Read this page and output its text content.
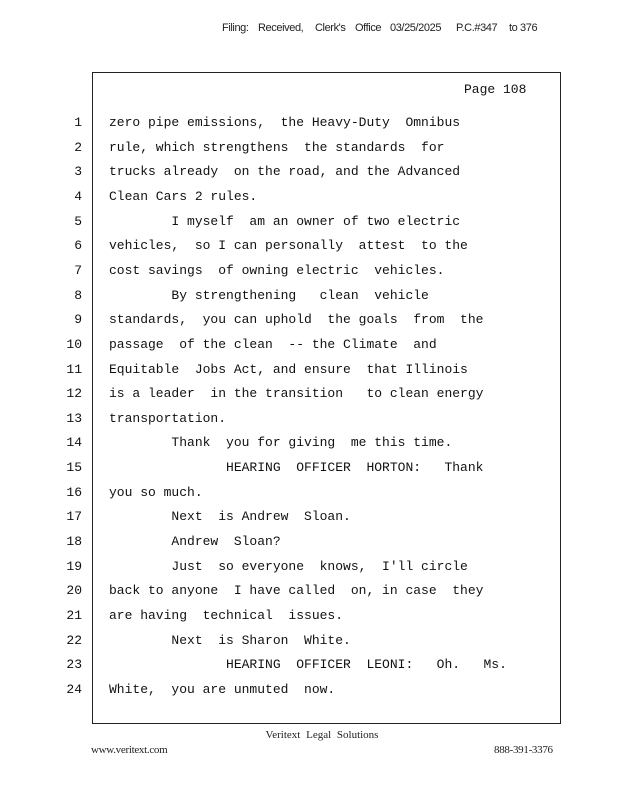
Filing: Received, Clerk's Office 03/25/2025 P.C.#347 to 376
Page 108
1 zero pipe emissions,  the Heavy-Duty  Omnibus
2 rule, which strengthens  the standards  for
3 trucks already  on the road, and the Advanced
4 Clean Cars 2 rules.
5 I myself  am an owner of two electric
6 vehicles,  so I can personally  attest  to the
7 cost savings  of owning electric  vehicles.
8 By strengthening   clean  vehicle
9 standards,  you can uphold  the goals  from  the
10 passage  of the clean  -- the Climate  and
11 Equitable  Jobs Act, and ensure  that Illinois
12 is a leader  in the transition   to clean energy
13 transportation.
14 Thank  you for giving  me this time.
15 HEARING  OFFICER  HORTON:   Thank
16 you so much.
17 Next  is Andrew  Sloan.
18 Andrew  Sloan?
19 Just  so everyone  knows,  I'll circle
20 back to anyone  I have called  on, in case  they
21 are having  technical  issues.
22 Next  is Sharon  White.
23 HEARING  OFFICER  LEONI:   Oh.   Ms.
24 White,  you are unmuted  now.
Veritext Legal Solutions
www.veritext.com	888-391-3376
